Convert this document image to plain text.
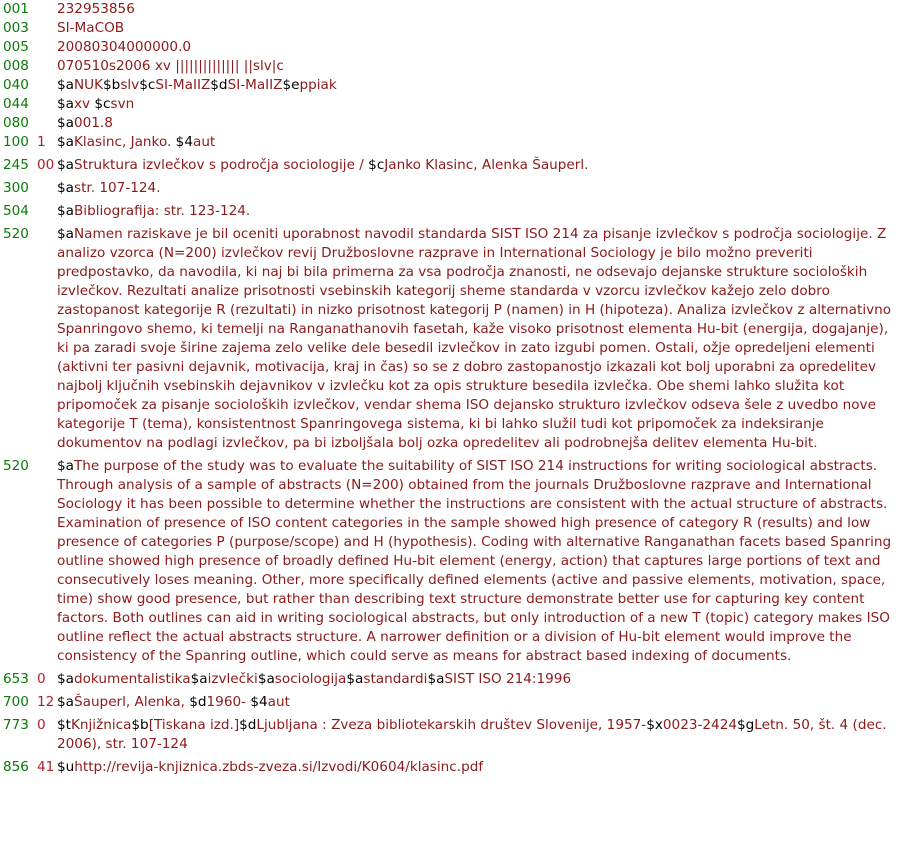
001	232953856
003	SI-MaCOB
005	20080304000000.0
008	070510s2006 xv |||||||||||||| ||slv|c
040	$aNUK$bslv$cSI-MaIIZ$dSI-MaIIZ$eppiak
044	$axv $csvn
080	$a001.8
100 1 $aKlasinc, Janko. $4aut
245 00 $aStruktura izvlečkov s področja sociologije / $cJanko Klasinc, Alenka Šauperl.
300	$astr. 107-124.
504	$aBibliografija: str. 123-124.
520	$aNamen raziskave je bil oceniti uporabnost navodil standarda SIST ISO 214 za pisanje izvlečkov s področja sociologije. Z analizo vzorca (N=200) izvlečkov revij Družboslovne razprave in International Sociology je bilo možno preveriti predpostavko, da navodila, ki naj bi bila primerna za vsa področja znanosti, ne odsevajo dejanske strukture socioloških izvlečkov. Rezultati analize prisotnosti vsebinskih kategorij sheme standarda v vzorcu izvlečkov kažejo zelo dobro zastopanost kategorije R (rezultati) in nizko prisotnost kategorij P (namen) in H (hipoteza). Analiza izvlečkov z alternativno Spanringovo shemo, ki temelji na Ranganathanovih fasetah, kaže visoko prisotnost elementa Hu-bit (energija, dogajanje), ki pa zaradi svoje širine zajema zelo velike dele besedil izvlečkov in zato izgubi pomen. Ostali, ožje opredeljeni elementi (aktivni ter pasivni dejavnik, motivacija, kraj in čas) so se z dobro zastopanostjo izkazali kot bolj uporabni za opredelitev najbolj ključnih vsebinskih dejavnikov v izvlečku kot za opis strukture besedila izvlečka. Obe shemi lahko služita kot pripomoček za pisanje socioloških izvlečkov, vendar shema ISO dejansko strukturo izvlečkov odseva šele z uvedbo nove kategorije T (tema), konsistentnost Spanringovega sistema, ki bi lahko služil tudi kot pripomoček za indeksiranje dokumentov na podlagi izvlečkov, pa bi izboljšala bolj ozka opredelitev ali podrobnejša delitev elementa Hu-bit.
520	$aThe purpose of the study was to evaluate the suitability of SIST ISO 214 instructions for writing sociological abstracts. Through analysis of a sample of abstracts (N=200) obtained from the journals Družboslovne razprave and International Sociology it has been possible to determine whether the instructions are consistent with the actual structure of abstracts. Examination of presence of ISO content categories in the sample showed high presence of category R (results) and low presence of categories P (purpose/scope) and H (hypothesis). Coding with alternative Ranganathan facets based Spanring outline showed high presence of broadly defined Hu-bit element (energy, action) that captures large portions of text and consecutively loses meaning. Other, more specifically defined elements (active and passive elements, motivation, space, time) show good presence, but rather than describing text structure demonstrate better use for capturing key content factors. Both outlines can aid in writing sociological abstracts, but only introduction of a new T (topic) category makes ISO outline reflect the actual abstracts structure. A narrower definition or a division of Hu-bit element would improve the consistency of the Spanring outline, which could serve as means for abstract based indexing of documents.
653 0 $adokumentalistika$aizvlečki$asociologija$astandardi$aSIST ISO 214:1996
700 12 $aŠauperl, Alenka, $d1960- $4aut
773 0 $tKnjižnica$b[Tiskana izd.]$dLjubljana : Zveza bibliotekarskih društev Slovenije, 1957-$x0023-2424$gLetn. 50, št. 4 (dec. 2006), str. 107-124
856 41 $uhttp://revija-knjiznica.zbds-zveza.si/Izvodi/K0604/klasinc.pdf
